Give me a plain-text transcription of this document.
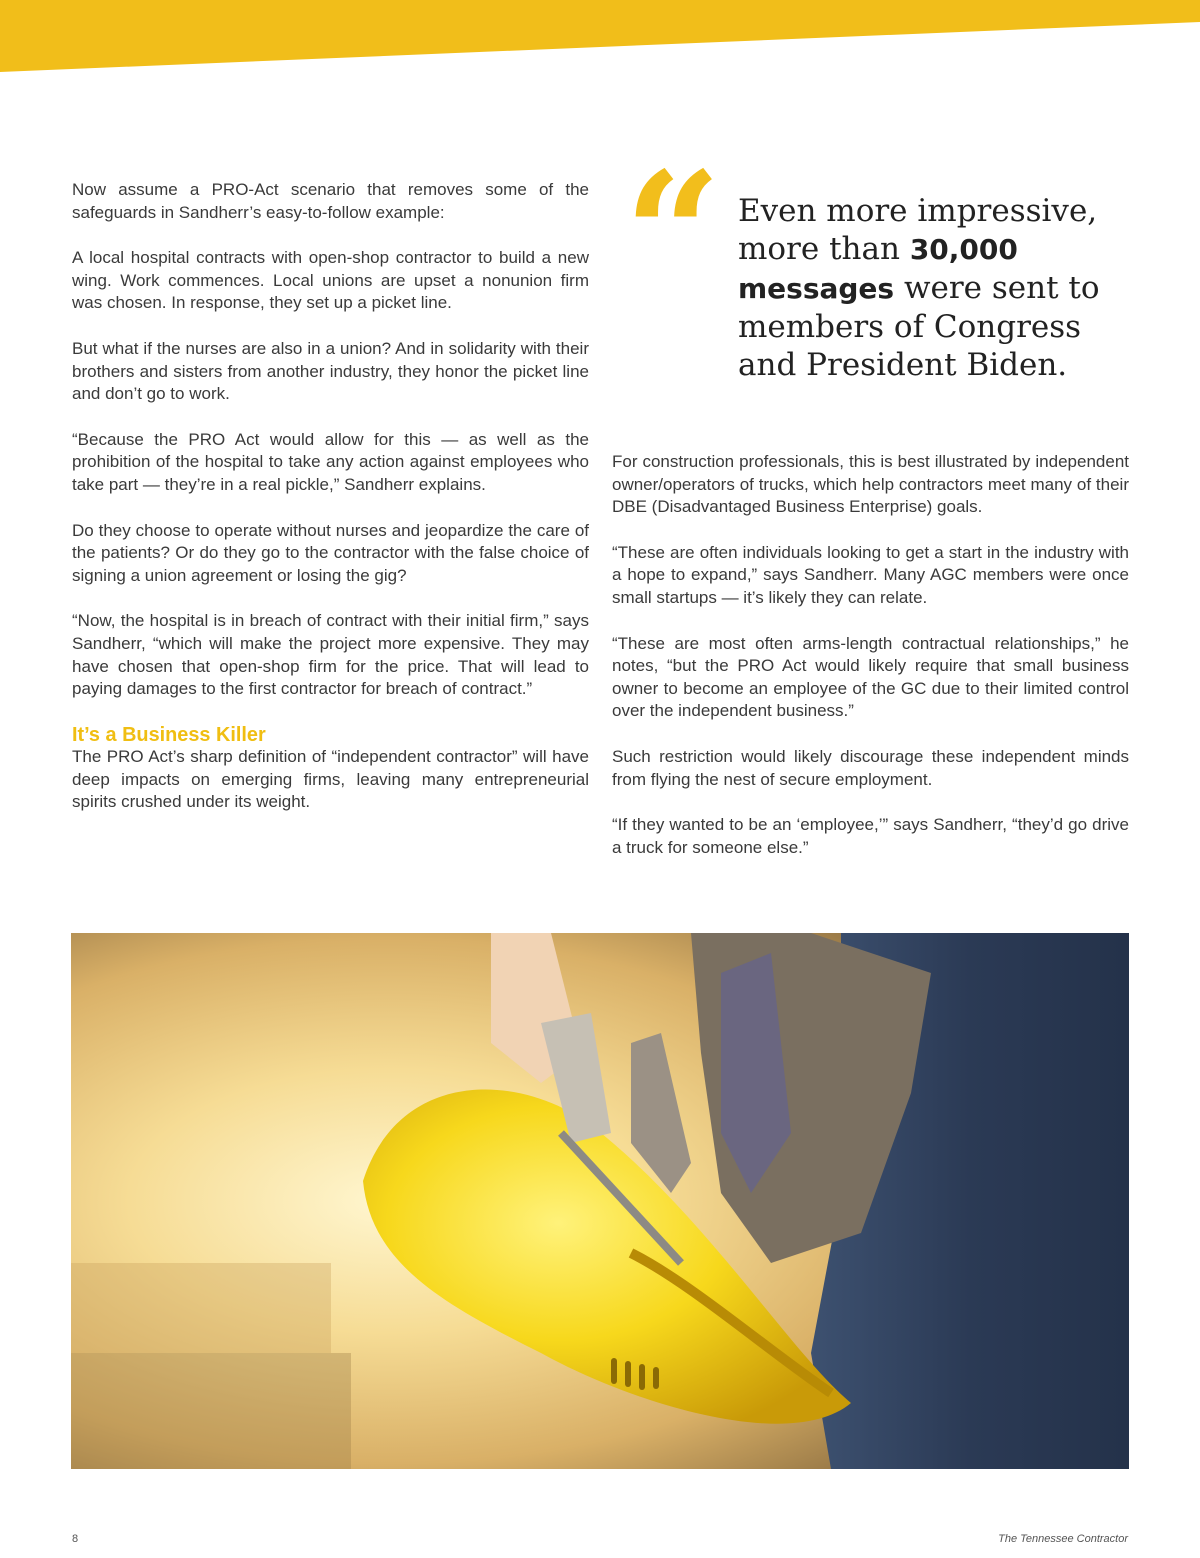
Now assume a PRO-Act scenario that removes some of the safeguards in Sandherr’s easy-to-follow example:

A local hospital contracts with open-shop contractor to build a new wing. Work commences. Local unions are upset a nonunion firm was chosen. In response, they set up a picket line.

But what if the nurses are also in a union? And in solidarity with their brothers and sisters from another industry, they honor the picket line and don’t go to work.

“Because the PRO Act would allow for this — as well as the prohibition of the hospital to take any action against employees who take part — they’re in a real pickle,” Sandherr explains.

Do they choose to operate without nurses and jeopardize the care of the patients? Or do they go to the contractor with the false choice of signing a union agreement or losing the gig?

“Now, the hospital is in breach of contract with their initial firm,” says Sandherr, “which will make the project more expensive. They may have chosen that open-shop firm for the price. That will lead to paying damages to the first contractor for breach of contract.”

It’s a Business Killer

The PRO Act’s sharp definition of “independent contractor” will have deep impacts on emerging firms, leaving many entrepreneurial spirits crushed under its weight.

“ Even more impressive, more than 30,000 messages were sent to members of Congress and President Biden.

For construction professionals, this is best illustrated by independent owner/operators of trucks, which help contractors meet many of their DBE (Disadvantaged Business Enterprise) goals.

“These are often individuals looking to get a start in the industry with a hope to expand,” says Sandherr. Many AGC members were once small startups — it’s likely they can relate.

“These are most often arms-length contractual relationships,” he notes, “but the PRO Act would likely require that small business owner to become an employee of the GC due to their limited control over the independent business.”

Such restriction would likely discourage these independent minds from flying the nest of secure employment.

“If they wanted to be an ‘employee,’” says Sandherr, “they’d go drive a truck for someone else.”

8	The Tennessee Contractor
